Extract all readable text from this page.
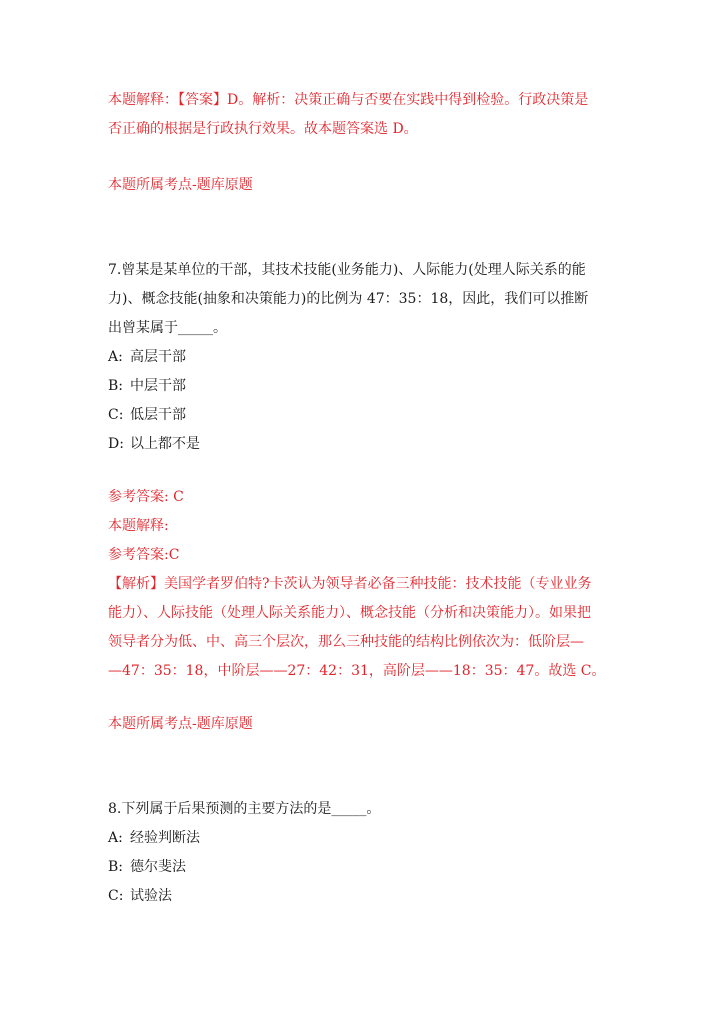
本题解释：【答案】D。解析：决策正确与否要在实践中得到检验。行政决策是
否正确的根据是行政执行效果。故本题答案选 D。
本题所属考点-题库原题
7.曾某是某单位的干部，其技术技能(业务能力)、人际能力(处理人际关系的能
力)、概念技能(抽象和决策能力)的比例为 47：35：18，因此，我们可以推断
出曾某属于_____。
A: 高层干部
B: 中层干部
C: 低层干部
D: 以上都不是
参考答案: C
本题解释:
参考答案:C
【解析】美国学者罗伯特?卡茨认为领导者必备三种技能：技术技能（专业业务
能力）、人际技能（处理人际关系能力）、概念技能（分析和决策能力）。如果把
领导者分为低、中、高三个层次，那么三种技能的结构比例依次为：低阶层—
—47：35：18，中阶层——27：42：31，高阶层——18：35：47。故选 C。
本题所属考点-题库原题
8.下列属于后果预测的主要方法的是_____。
A: 经验判断法
B: 德尔斐法
C: 试验法
